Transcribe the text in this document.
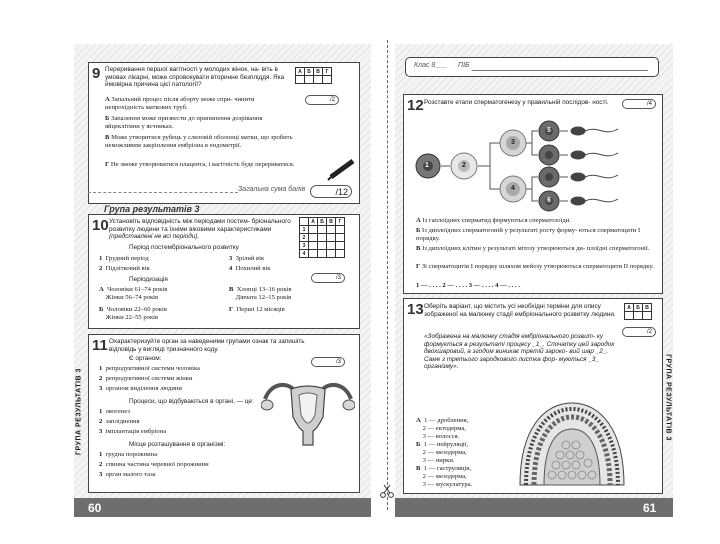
9 Переривання першої вагітності у молодих жінок, на- віть в умовах лікарні, може спровокувати вторинне безпліддя. Яка ймовірна причина цієї патології?
А	Б	В	Г

/2
А Запальний процес після аборту може спри- чинити непрохідність маткових труб.
Б Запалення може призвести до припинення дозрівання яйцеклітини у яєчниках.
В Може утворитися рубець у слизовій оболонці матки, що зробить неможливим закріплення ембріона в ендометрії.
Г Не зможе утворюватися плацента, і вагітність буде перериватися.
Загальна сума балів	/12
Група результатів 3
10 Установіть відповідність між періодами постем- бріонального розвитку людини та їхніми віковими характеристиками (представлені не всі періоди).
	А	Б	В	Г
1				
2				
3				
4				
Період постембріонального розвитку
1 Грудний період	3 Зрілий вік
2 Підлітковий вік	4 Похилий вік
Періодизація
А Чоловіки 61–74 років
Жінки 56–74 років
В Хлопці 13–16 років
Дівчата 12–15 років
Б Чоловіки 22–60 років
Жінки 22–55 років
Г Перші 12 місяців
/3
11 Охарактеризуйте орган за наведеними групами ознак та запишіть відповідь у вигляді тризначного коду.
/3
Є органом:
1 репродуктивної системи чоловіка
2 репродуктивної системи жінки
3 органом виділення людини
Процеси, що відбуваються в органі, — це:
1 овогенез
2 запліднення
3 імплантація ембріона
Місце розташування в організмі:
1 грудна порожнина
2 спинна частина черевної порожнини
3 орган малого таза
ГРУПА РЕЗУЛЬТАТІВ 3
60
Клас 8___ ПІБ
12 Розставте етапи сперматогенезу у правильній послідов- ності.	/4
1	2
3
4
5
6
А Із гаплоїдних сперматид формуються сперматозоїди.
Б Із диплоїдних сперматогоній у результаті росту форму- ються сперматоцити І порядку.
В Із диплоїдних клітин у результаті мітозу утворюються ди- плоїдні сперматогонії.
Г Зі сперматоцитів І порядку шляхом мейозу утворюються сперматоцити ІІ порядку.
1 — . . . . 2 — . . . . 3 — . . . . 4 — . . . .
13 Оберіть варіант, що містить усі необхідні терміни для опису зображеної на малюнку стадії ембріонального розвитку людини.
А	Б	В

/2
«Зображена на малюнку стадія ембріонального розвит- ку формується в результаті процесу _1_. Спочатку цей зародок двохшаровий, а згодом виникає третій зароко- вий шар _2_. Саме з третього зародкового листка фор- муються _3_ організму».
А 1 — дроблення,
2 — ектодерма,
3 — волосся.
Б 1 — нейруляції,
2 — мезодерма,
3 — нирки.
В 1 — гаструляція,
2 — мезодерма,
3 — мускулатура.
ГРУПА РЕЗУЛЬТАТІВ 3
61
